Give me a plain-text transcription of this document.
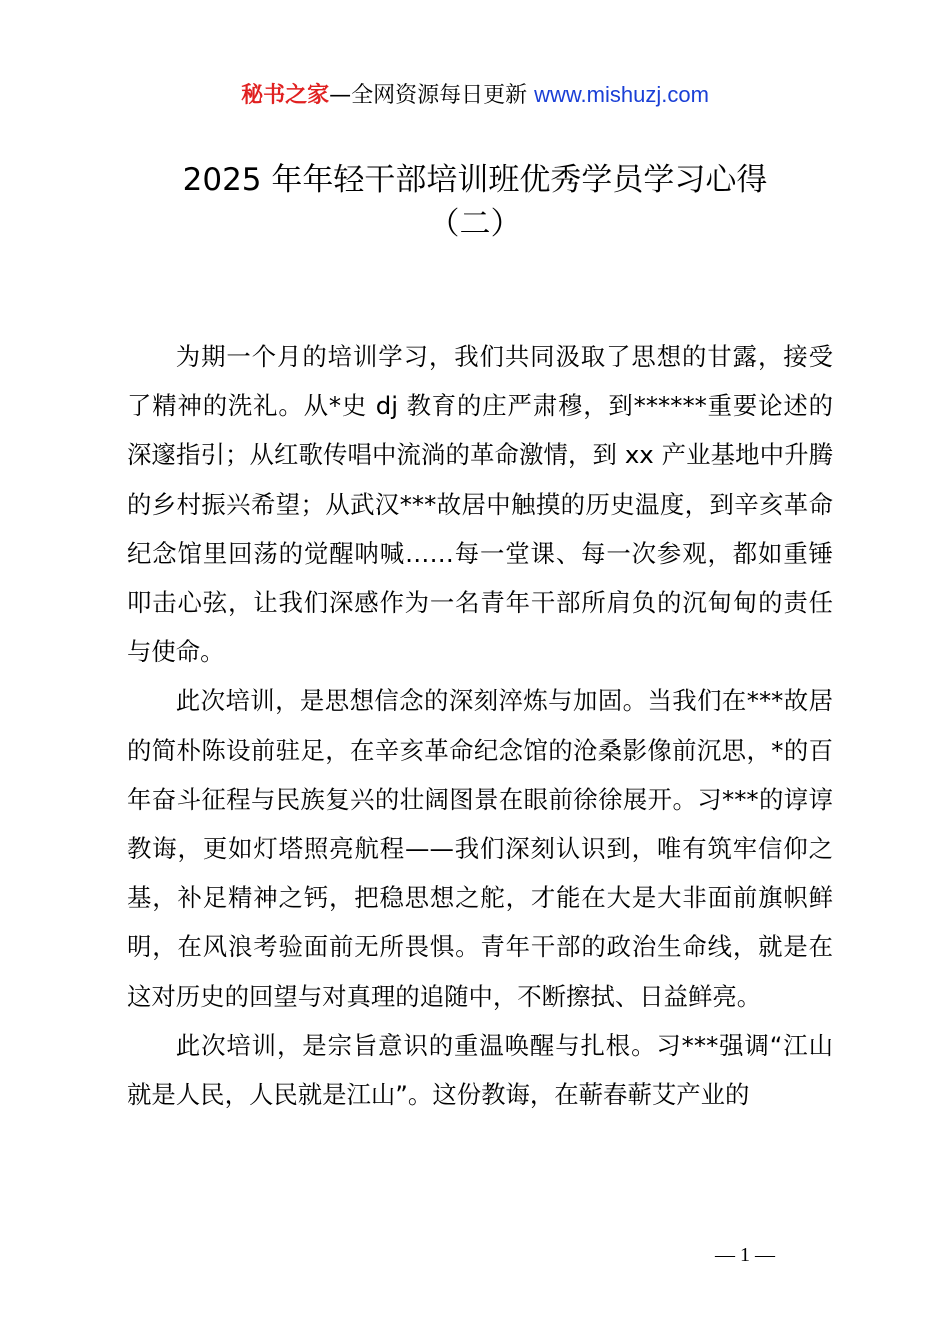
秘书之家—全网资源每日更新 www.mishuzj.com
2025 年年轻干部培训班优秀学员学习心得
（二）

为期一个月的培训学习，我们共同汲取了思想的甘露，接受了精神的洗礼。从*史 dj 教育的庄严肃穆，到******重要论述的深邃指引；从红歌传唱中流淌的革命激情，到 xx 产业基地中升腾的乡村振兴希望；从武汉***故居中触摸的历史温度，到辛亥革命纪念馆里回荡的觉醒呐喊……每一堂课、每一次参观，都如重锤叩击心弦，让我们深感作为一名青年干部所肩负的沉甸甸的责任与使命。

此次培训，是思想信念的深刻淬炼与加固。当我们在***故居的简朴陈设前驻足，在辛亥革命纪念馆的沧桑影像前沉思，*的百年奋斗征程与民族复兴的壮阔图景在眼前徐徐展开。习***的谆谆教诲，更如灯塔照亮航程——我们深刻认识到，唯有筑牢信仰之基，补足精神之钙，把稳思想之舵，才能在大是大非面前旗帜鲜明，在风浪考验面前无所畏惧。青年干部的政治生命线，就是在这对历史的回望与对真理的追随中，不断擦拭、日益鲜亮。

此次培训，是宗旨意识的重温唤醒与扎根。习***强调“江山就是人民，人民就是江山”。这份教诲，在蕲春蕲艾产业的

— 1 —
